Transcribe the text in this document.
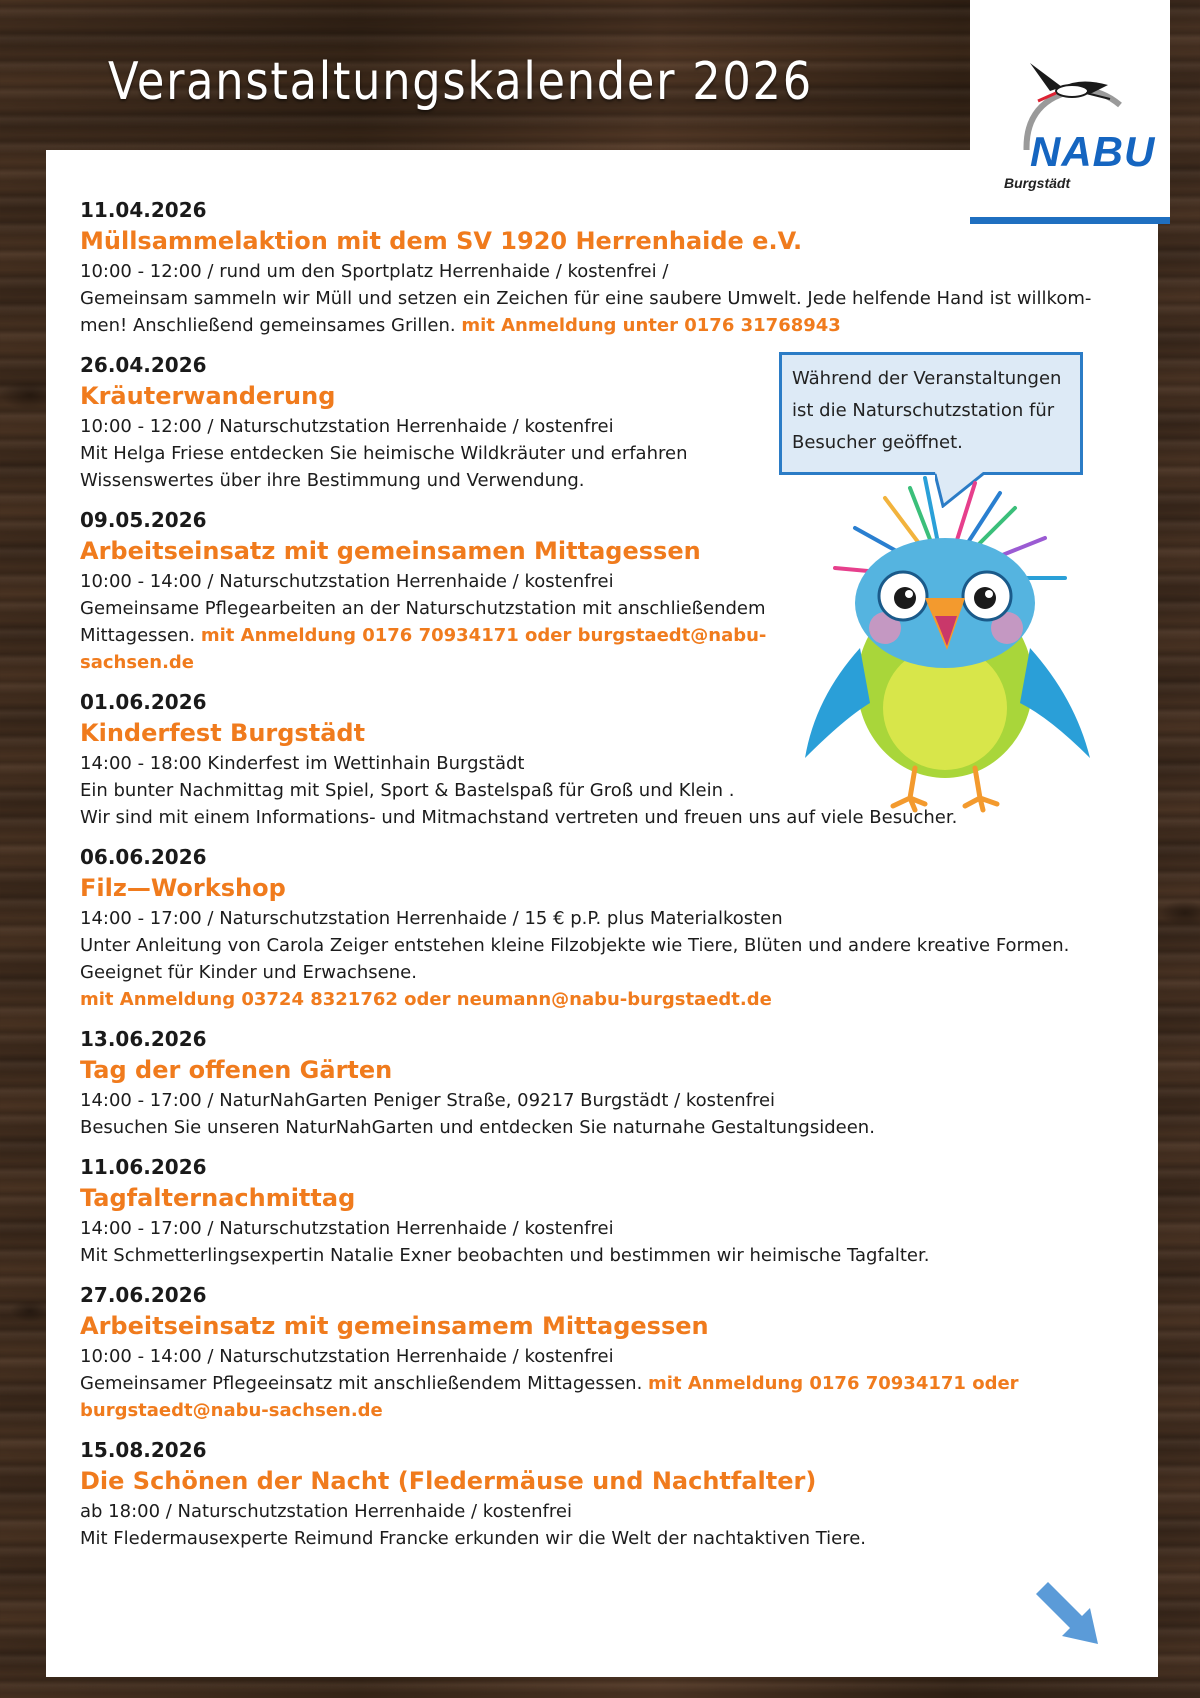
Veranstaltungskalender 2026
NABU
Burgstädt
11.04.2026
Müllsammelaktion mit dem SV 1920 Herrenhaide e.V.
10:00 - 12:00 / rund um den Sportplatz Herrenhaide / kostenfrei /
Gemeinsam sammeln wir Müll und setzen ein Zeichen für eine saubere Umwelt. Jede helfende Hand ist willkom-
men! Anschließend gemeinsames Grillen. mit Anmeldung unter 0176 31768943
26.04.2026
Kräuterwanderung
10:00 - 12:00 / Naturschutzstation Herrenhaide / kostenfrei
Mit Helga Friese entdecken Sie heimische Wildkräuter und erfahren
Wissenswertes über ihre Bestimmung und Verwendung.
09.05.2026
Arbeitseinsatz mit gemeinsamen Mittagessen
10:00 - 14:00 / Naturschutzstation Herrenhaide / kostenfrei
Gemeinsame Pflegearbeiten an der Naturschutzstation mit anschließendem
Mittagessen. mit Anmeldung 0176 70934171 oder burgstaedt@nabu-
sachsen.de
01.06.2026
Kinderfest Burgstädt
14:00 - 18:00 Kinderfest im Wettinhain Burgstädt
Ein bunter Nachmittag mit Spiel, Sport & Bastelspaß für Groß und Klein .
Wir sind mit einem Informations- und Mitmachstand vertreten und freuen uns auf viele Besucher.
06.06.2026
Filz—Workshop
14:00 - 17:00 / Naturschutzstation Herrenhaide / 15 € p.P. plus Materialkosten
Unter Anleitung von Carola Zeiger entstehen kleine Filzobjekte wie Tiere, Blüten und andere kreative Formen.
Geeignet für Kinder und Erwachsene.
mit Anmeldung 03724 8321762 oder neumann@nabu-burgstaedt.de
13.06.2026
Tag der offenen Gärten
14:00 - 17:00 / NaturNahGarten Peniger Straße, 09217 Burgstädt / kostenfrei
Besuchen Sie unseren NaturNahGarten und entdecken Sie naturnahe Gestaltungsideen.
11.06.2026
Tagfalternachmittag
14:00 - 17:00 / Naturschutzstation Herrenhaide / kostenfrei
Mit Schmetterlingsexpertin Natalie Exner beobachten und bestimmen wir heimische Tagfalter.
27.06.2026
Arbeitseinsatz mit gemeinsamem Mittagessen
10:00 - 14:00 / Naturschutzstation Herrenhaide / kostenfrei
Gemeinsamer Pflegeeinsatz mit anschließendem Mittagessen. mit Anmeldung 0176 70934171 oder
burgstaedt@nabu-sachsen.de
15.08.2026
Die Schönen der Nacht (Fledermäuse und Nachtfalter)
ab 18:00 / Naturschutzstation Herrenhaide / kostenfrei
Mit Fledermausexperte Reimund Francke erkunden wir die Welt der nachtaktiven Tiere.
Während der Veranstaltungen ist die Naturschutzstation für Besucher geöffnet.
